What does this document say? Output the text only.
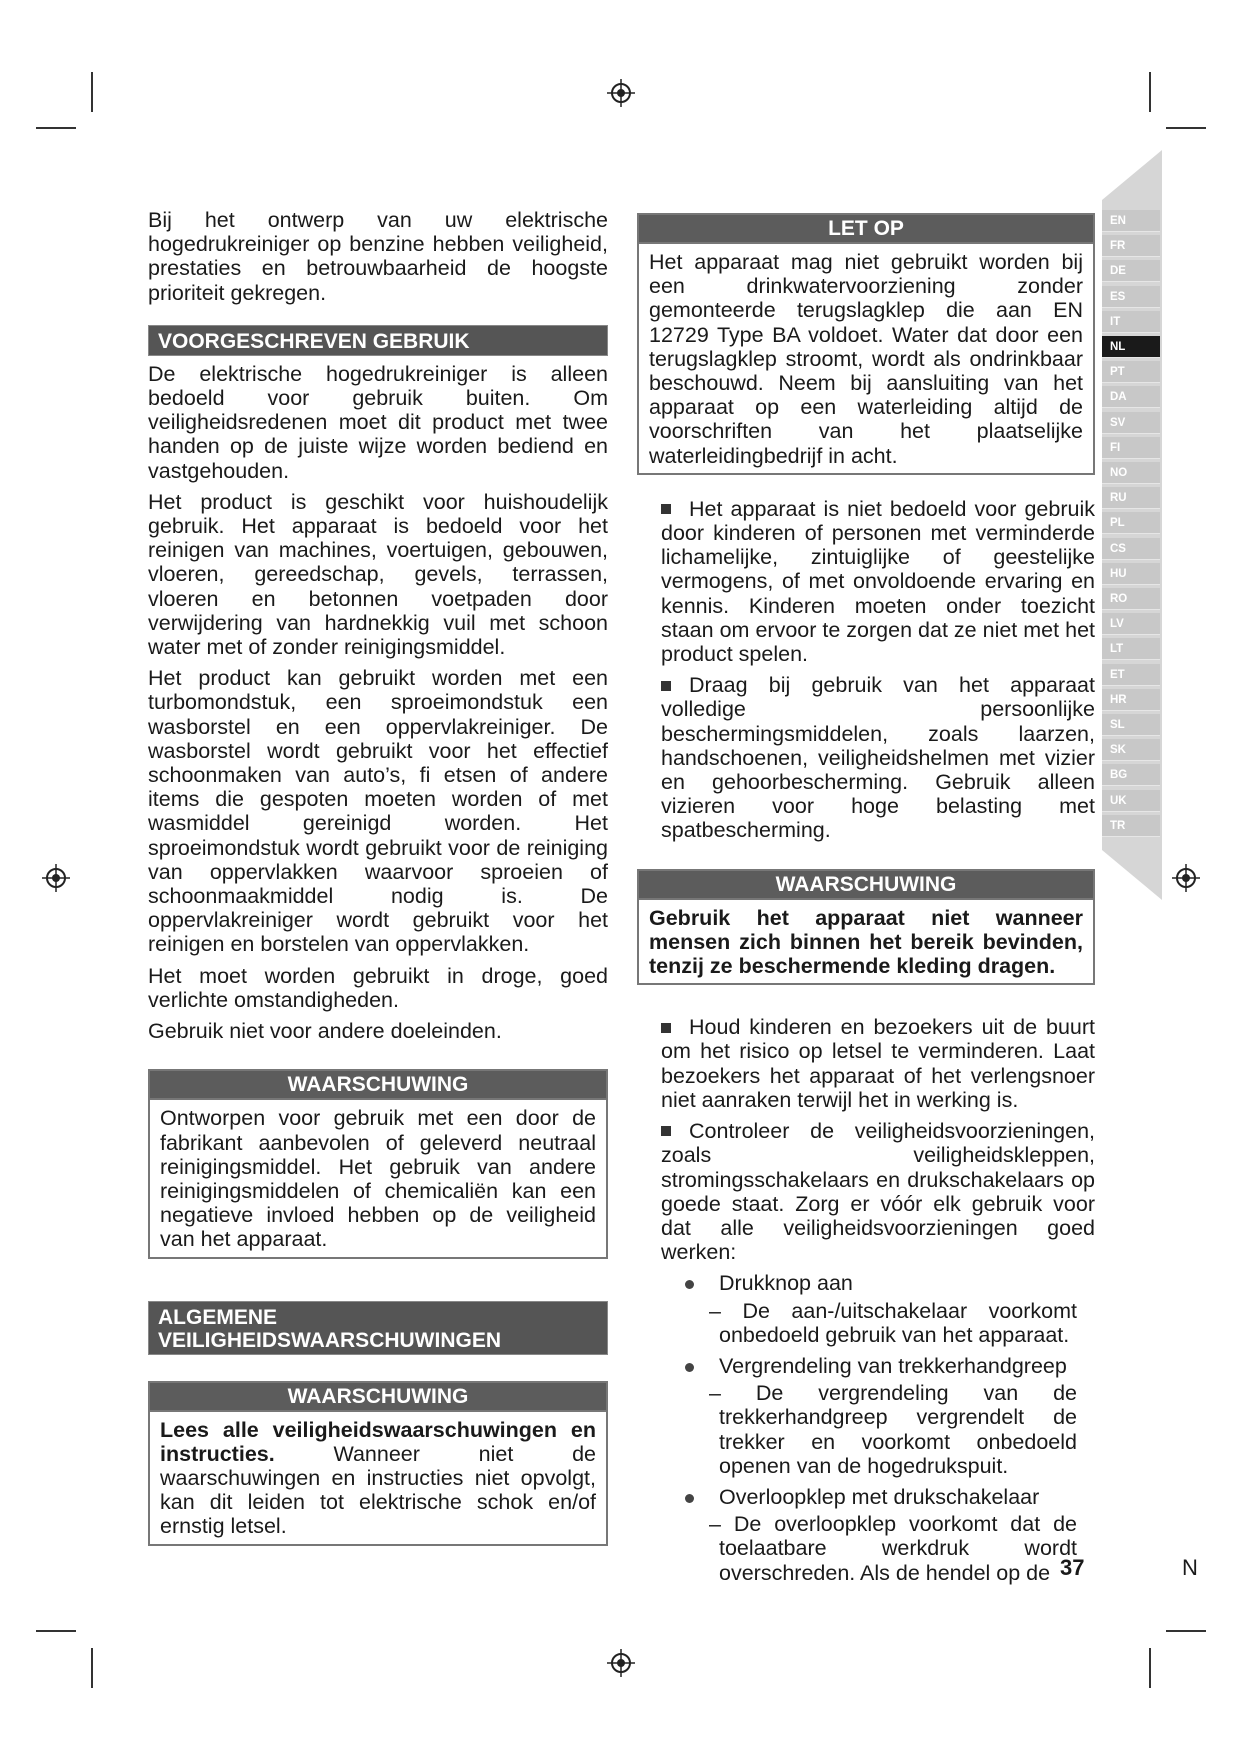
EN
FR
DE
ES
IT
NL
PT
DA
SV
FI
NO
RU
PL
CS
HU
RO
LV
LT
ET
HR
SL
SK
BG
UK
TR

Bij het ontwerp van uw elektrische hogedrukreiniger op benzine hebben veiligheid, prestaties en betrouwbaarheid de hoogste prioriteit gekregen.

VOORGESCHREVEN GEBRUIK

De elektrische hogedrukreiniger is alleen bedoeld voor gebruik buiten. Om veiligheidsredenen moet dit product met twee handen op de juiste wijze worden bediend en vastgehouden.

Het product is geschikt voor huishoudelijk gebruik. Het apparaat is bedoeld voor het reinigen van machines, voertuigen, gebouwen, vloeren, gereedschap, gevels, terrassen, vloeren en betonnen voetpaden door verwijdering van hardnekkig vuil met schoon water met of zonder reinigingsmiddel.

Het product kan gebruikt worden met een turbomondstuk, een sproeimondstuk een wasborstel en een oppervlakreiniger. De wasborstel wordt gebruikt voor het effectief schoonmaken van auto’s, fi etsen of andere items die gespoten moeten worden of met wasmiddel gereinigd worden. Het sproeimondstuk wordt gebruikt voor de reiniging van oppervlakken waarvoor sproeien of schoonmaakmiddel nodig is. De oppervlakreiniger wordt gebruikt voor het reinigen en borstelen van oppervlakken.

Het moet worden gebruikt in droge, goed verlichte omstandigheden.

Gebruik niet voor andere doeleinden.

WAARSCHUWING
Ontworpen voor gebruik met een door de fabrikant aanbevolen of geleverd neutraal reinigingsmiddel. Het gebruik van andere reinigingsmiddelen of chemicaliën kan een negatieve invloed hebben op de veiligheid van het apparaat.
ALGEMENE
VEILIGHEIDSWAARSCHUWINGEN
WAARSCHUWING
Lees alle veiligheidswaarschuwingen en instructies. Wanneer niet de waarschuwingen en instructies niet opvolgt, kan dit leiden tot elektrische schok en/of ernstig letsel.
LET OP
Het apparaat mag niet gebruikt worden bij een drinkwatervoorziening zonder gemonteerde terugslagklep die aan EN 12729 Type BA voldoet. Water dat door een terugslagklep stroomt, wordt als ondrinkbaar beschouwd. Neem bij aansluiting van het apparaat op een waterleiding altijd de voorschriften van het plaatselijke waterleidingbedrijf in acht.

Het apparaat is niet bedoeld voor gebruik door kinderen of personen met verminderde lichamelijke, zintuiglijke of geestelijke vermogens, of met onvoldoende ervaring en kennis. Kinderen moeten onder toezicht staan om ervoor te zorgen dat ze niet met het product spelen.

Draag bij gebruik van het apparaat volledige persoonlijke beschermingsmiddelen, zoals laarzen, handschoenen, veiligheidshelmen met vizier en gehoorbescherming. Gebruik alleen vizieren voor hoge belasting met spatbescherming.

WAARSCHUWING
Gebruik het apparaat niet wanneer mensen zich binnen het bereik bevinden, tenzij ze beschermende kleding dragen.

Houd kinderen en bezoekers uit de buurt om het risico op letsel te verminderen. Laat bezoekers het apparaat of het verlengsnoer niet aanraken terwijl het in werking is.

Controleer de veiligheidsvoorzieningen, zoals veiligheidskleppen, stromingsschakelaars en drukschakelaars op goede staat. Zorg er vóór elk gebruik voor dat alle veiligheidsvoorzieningen goed werken:

Drukknop aan

– De aan-/uitschakelaar voorkomt onbedoeld gebruik van het apparaat.

Vergrendeling van trekkerhandgreep

– De vergrendeling van de trekkerhandgreep vergrendelt de trekker en voorkomt onbedoeld openen van de hogedrukspuit.

Overloopklep met drukschakelaar

– De overloopklep voorkomt dat de toelaatbare werkdruk wordt overschreden. Als de hendel op de 37	N
